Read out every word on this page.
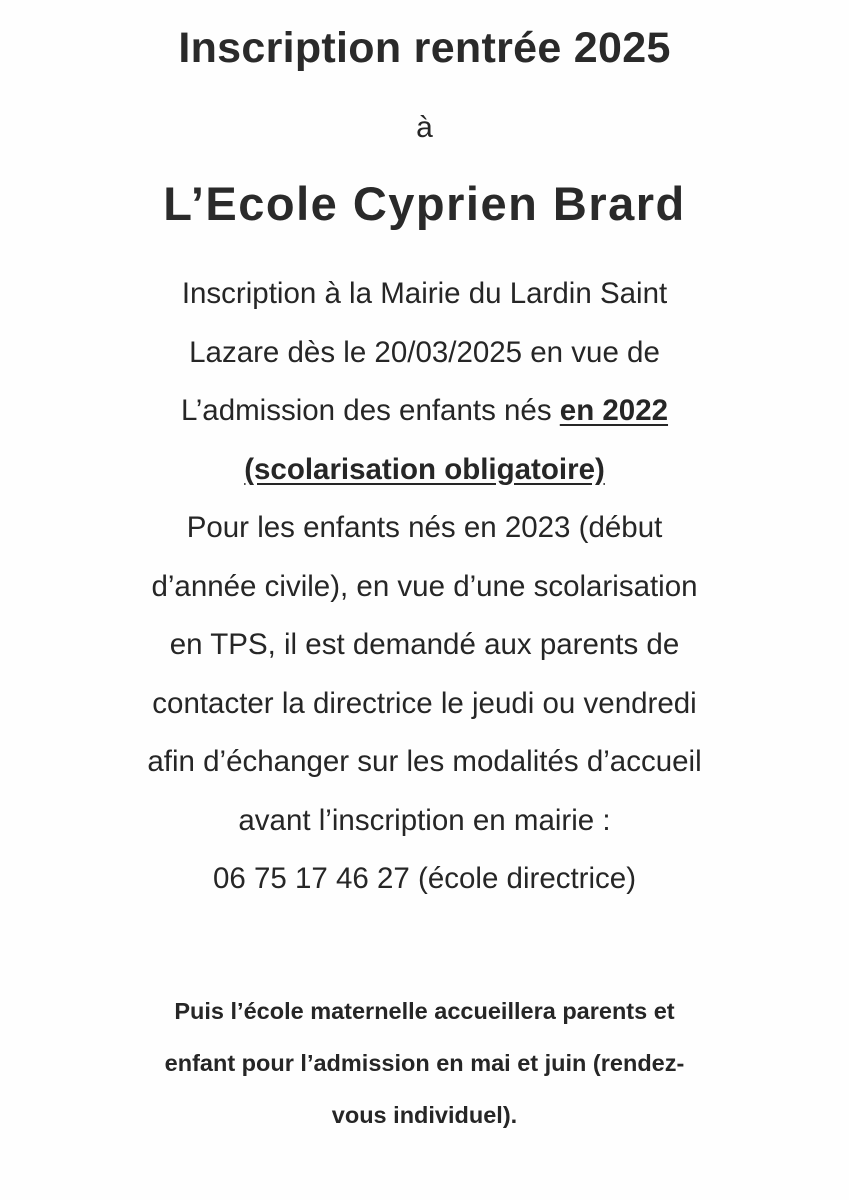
Inscription rentrée 2025
à
L’Ecole Cyprien Brard
Inscription à la Mairie du Lardin Saint
Lazare dès le 20/03/2025 en vue de
L’admission des enfants nés en 2022
(scolarisation obligatoire)
Pour les enfants nés en 2023 (début
d’année civile), en vue d’une scolarisation
en TPS, il est demandé aux parents de
contacter la directrice le jeudi ou vendredi
afin d’échanger sur les modalités d’accueil
avant l’inscription en mairie :
06 75 17 46 27 (école directrice)
Puis l’école maternelle accueillera parents et
enfant pour l’admission en mai et juin (rendez-
vous individuel).
